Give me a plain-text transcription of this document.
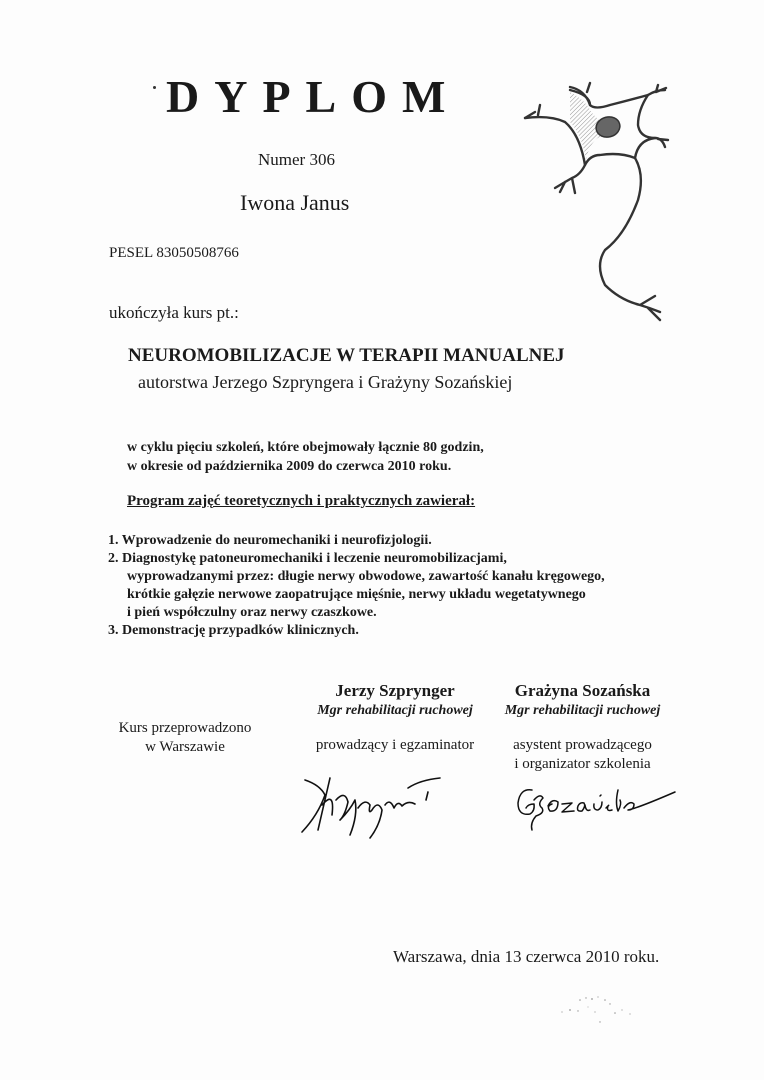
DYPLOM
Numer 306
Iwona Janus
PESEL 83050508766
ukończyła kurs pt.:
NEUROMOBILIZACJE W TERAPII MANUALNEJ
autorstwa Jerzego Szpryngera i Grażyny Sozańskiej
w cyklu pięciu szkoleń, które obejmowały łącznie 80 godzin,
w okresie od października 2009 do czerwca 2010 roku.
Program zajęć teoretycznych i praktycznych zawierał:
1. Wprowadzenie do neuromechaniki i neurofizjologii.
2. Diagnostykę patoneuromechaniki i leczenie neuromobilizacjami,
wyprowadzanymi przez: długie nerwy obwodowe, zawartość kanału kręgowego,
krótkie gałęzie nerwowe zaopatrujące mięśnie, nerwy układu wegetatywnego
i pień współczulny oraz nerwy czaszkowe.
3. Demonstrację przypadków klinicznych.
Kurs przeprowadzono
w Warszawie
Jerzy Szprynger
Mgr rehabilitacji ruchowej
prowadzący i egzaminator
Grażyna Sozańska
Mgr rehabilitacji ruchowej
asystent prowadzącego
i organizator szkolenia
Warszawa, dnia 13 czerwca 2010 roku.
